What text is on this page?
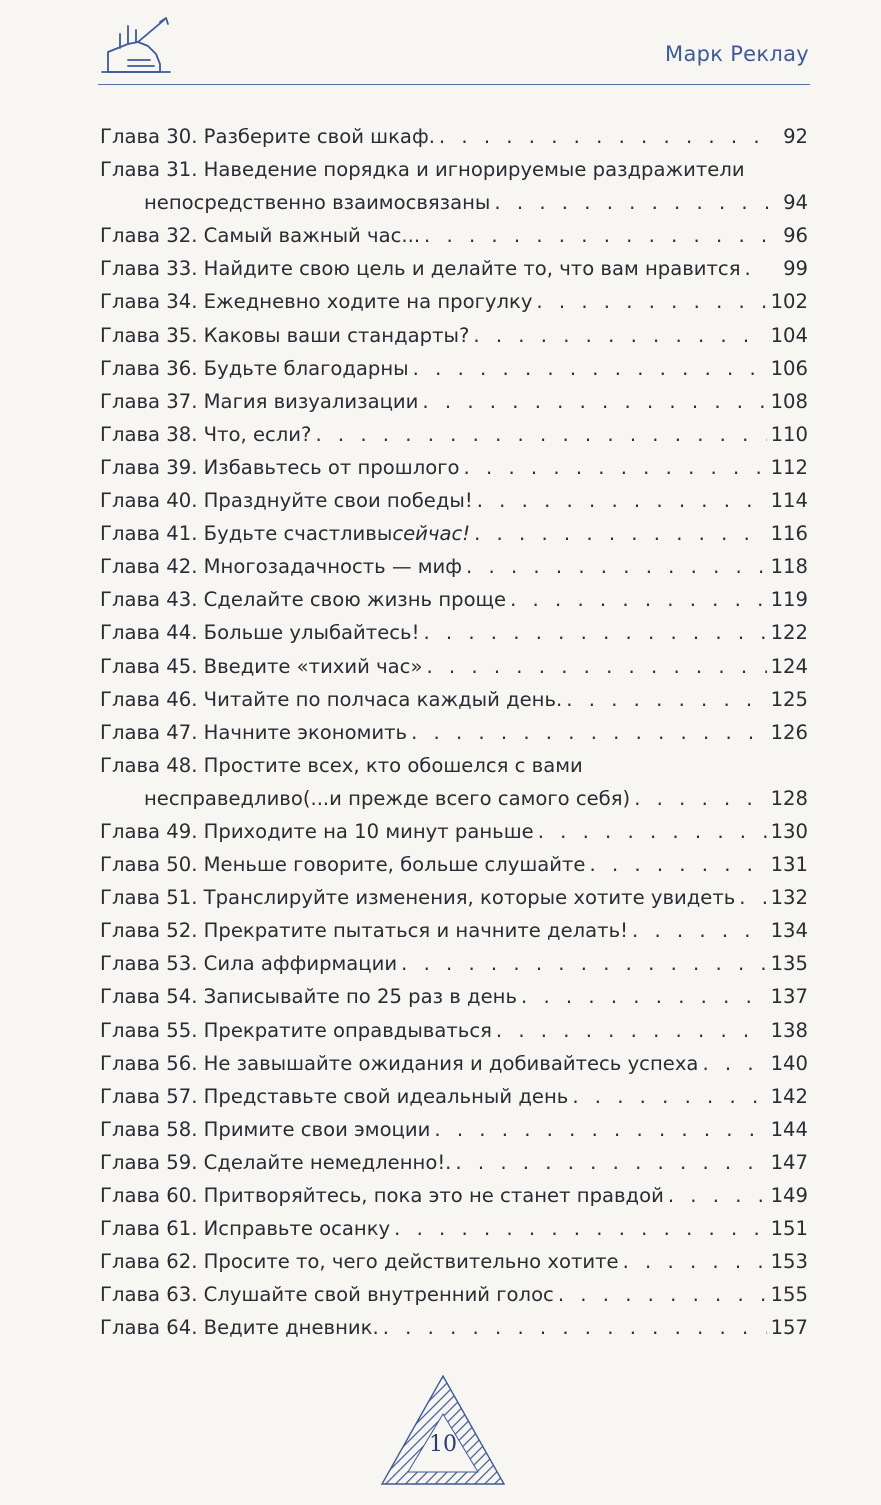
Марк Реклау
Глава 30. Разберите свой шкаф. . . .	92
Глава 31. Наведение порядка и игнорируемые раздражители
непосредственно взаимосвязаны . . .	94
Глава 32. Самый важный час... . . .	96
Глава 33. Найдите свою цель и делайте то, что вам нравится . . .	99
Глава 34. Ежедневно ходите на прогулку . . .	102
Глава 35. Каковы ваши стандарты? . . .	104
Глава 36. Будьте благодарны . . .	106
Глава 37. Магия визуализации . . .	108
Глава 38. Что, если? . . .	110
Глава 39. Избавьтесь от прошлого . . .	112
Глава 40. Празднуйте свои победы! . . .	114
Глава 41. Будьте счастливы сейчас! . . .	116
Глава 42. Многозадачность — миф . . .	118
Глава 43. Сделайте свою жизнь проще . . .	119
Глава 44. Больше улыбайтесь! . . .	122
Глава 45. Введите «тихий час» . . .	124
Глава 46. Читайте по полчаса каждый день. . . .	125
Глава 47. Начните экономить . . .	126
Глава 48. Простите всех, кто обошелся с вами
несправедливо(...и прежде всего самого себя) . . .	128
Глава 49. Приходите на 10 минут раньше . . .	130
Глава 50. Меньше говорите, больше слушайте . . .	131
Глава 51. Транслируйте изменения, которые хотите увидеть . . . 132
Глава 52. Прекратите пытаться и начните делать! . . .	134
Глава 53. Сила аффирмации . . .	135
Глава 54. Записывайте по 25 раз в день . . .	137
Глава 55. Прекратите оправдываться . . .	138
Глава 56. Не завышайте ожидания и добивайтесь успеха . . .	140
Глава 57. Представьте свой идеальный день . . .	142
Глава 58. Примите свои эмоции . . .	144
Глава 59. Сделайте немедленно!. . . .	147
Глава 60. Притворяйтесь, пока это не станет правдой . . .	149
Глава 61. Исправьте осанку . . .	151
Глава 62. Просите то, чего действительно хотите . . .	153
Глава 63. Слушайте свой внутренний голос . . .	155
Глава 64. Ведите дневник. . . .	157
10
